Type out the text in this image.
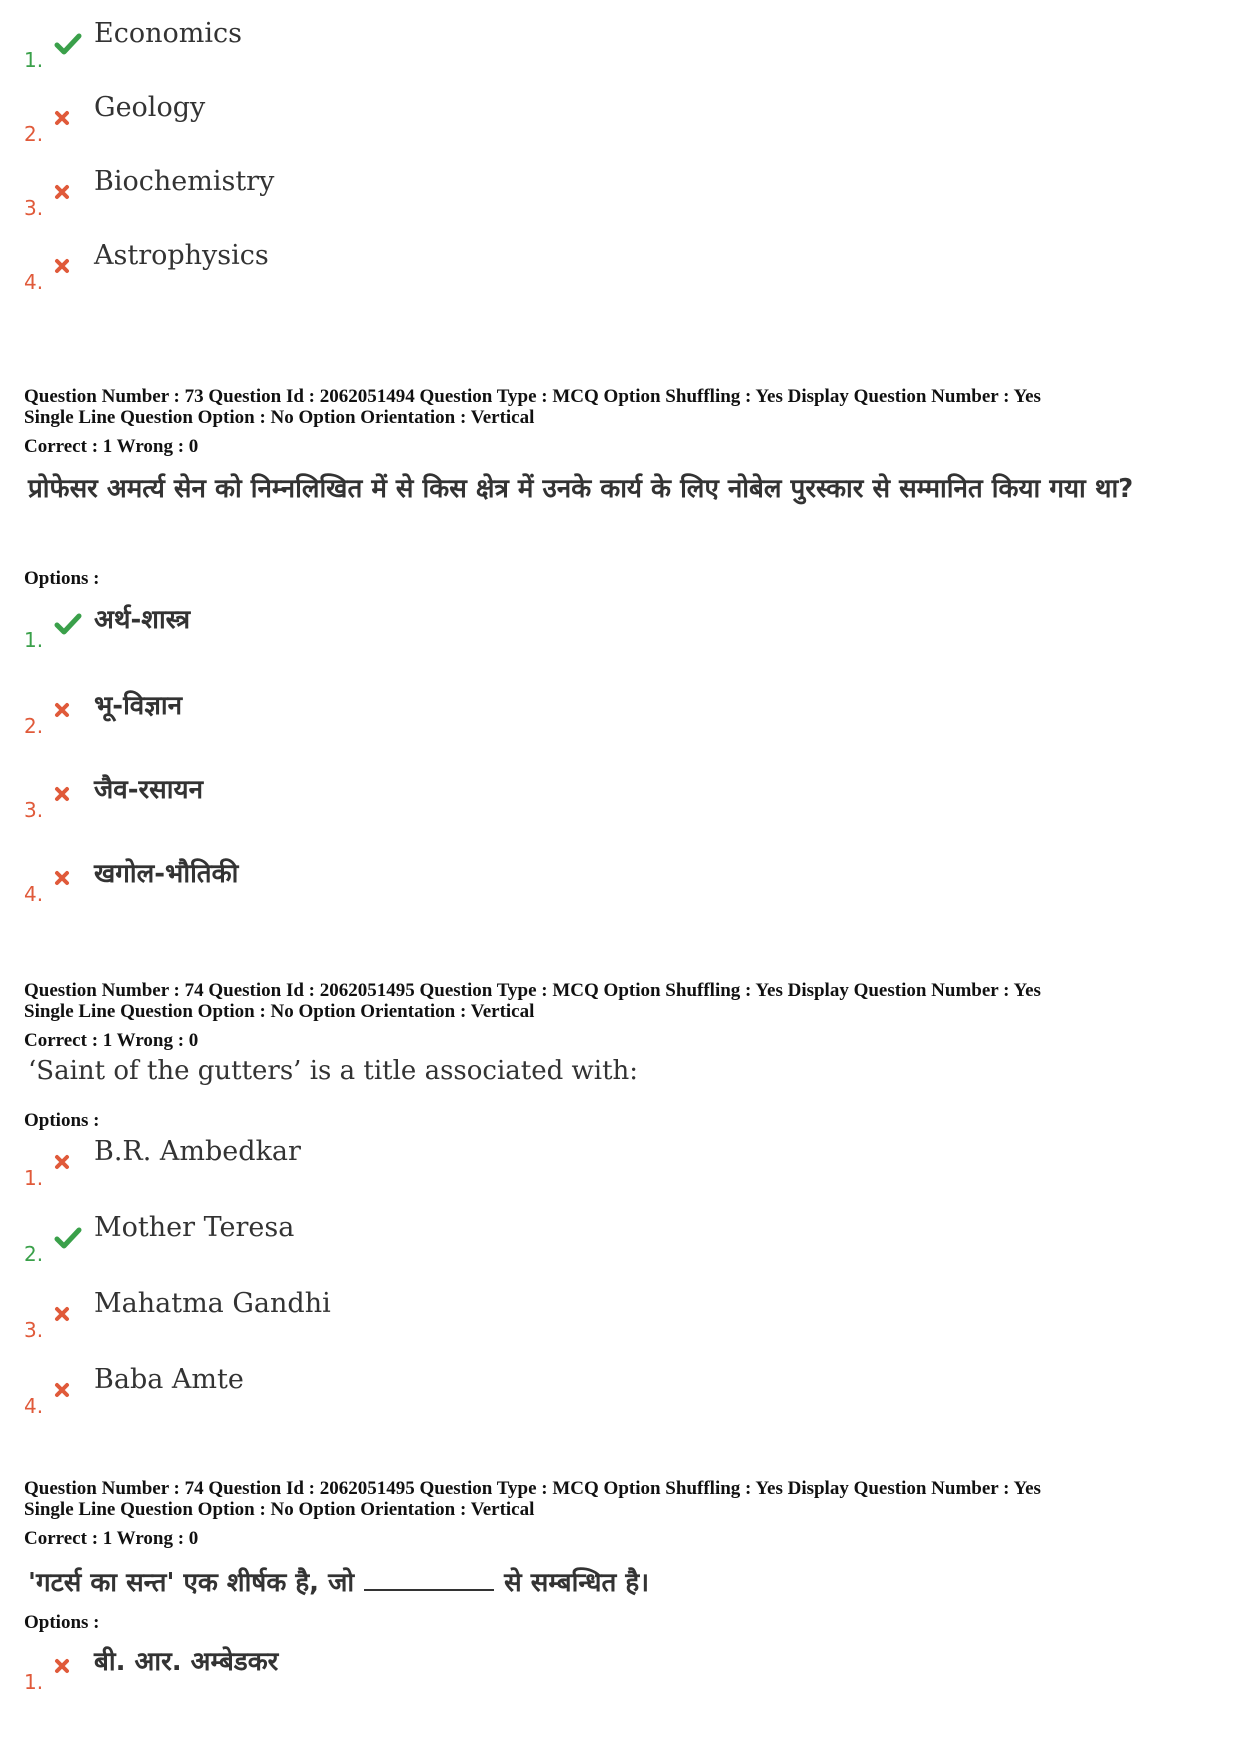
1.
Economics
2.
Geology
3.
Biochemistry
4.
Astrophysics
Question Number : 73 Question Id : 2062051494 Question Type : MCQ Option Shuffling : Yes Display Question Number : Yes
Single Line Question Option : No Option Orientation : Vertical
Correct : 1 Wrong : 0
प्रोफेसर अमर्त्य सेन को निम्नलिखित में से किस क्षेत्र में उनके कार्य के लिए नोबेल पुरस्कार से सम्मानित किया गया था?
Options :
1.
अर्थ-शास्त्र
2.
भू-विज्ञान
3.
जैव-रसायन
4.
खगोल-भौतिकी
Question Number : 74 Question Id : 2062051495 Question Type : MCQ Option Shuffling : Yes Display Question Number : Yes
Single Line Question Option : No Option Orientation : Vertical
Correct : 1 Wrong : 0
‘Saint of the gutters’ is a title associated with:
Options :
1.
B.R. Ambedkar
2.
Mother Teresa
3.
Mahatma Gandhi
4.
Baba Amte
Question Number : 74 Question Id : 2062051495 Question Type : MCQ Option Shuffling : Yes Display Question Number : Yes
Single Line Question Option : No Option Orientation : Vertical
Correct : 1 Wrong : 0
'गटर्स का सन्त' एक शीर्षक है, जो	से सम्बन्धित है।
Options :
1.
बी. आर. अम्बेडकर
